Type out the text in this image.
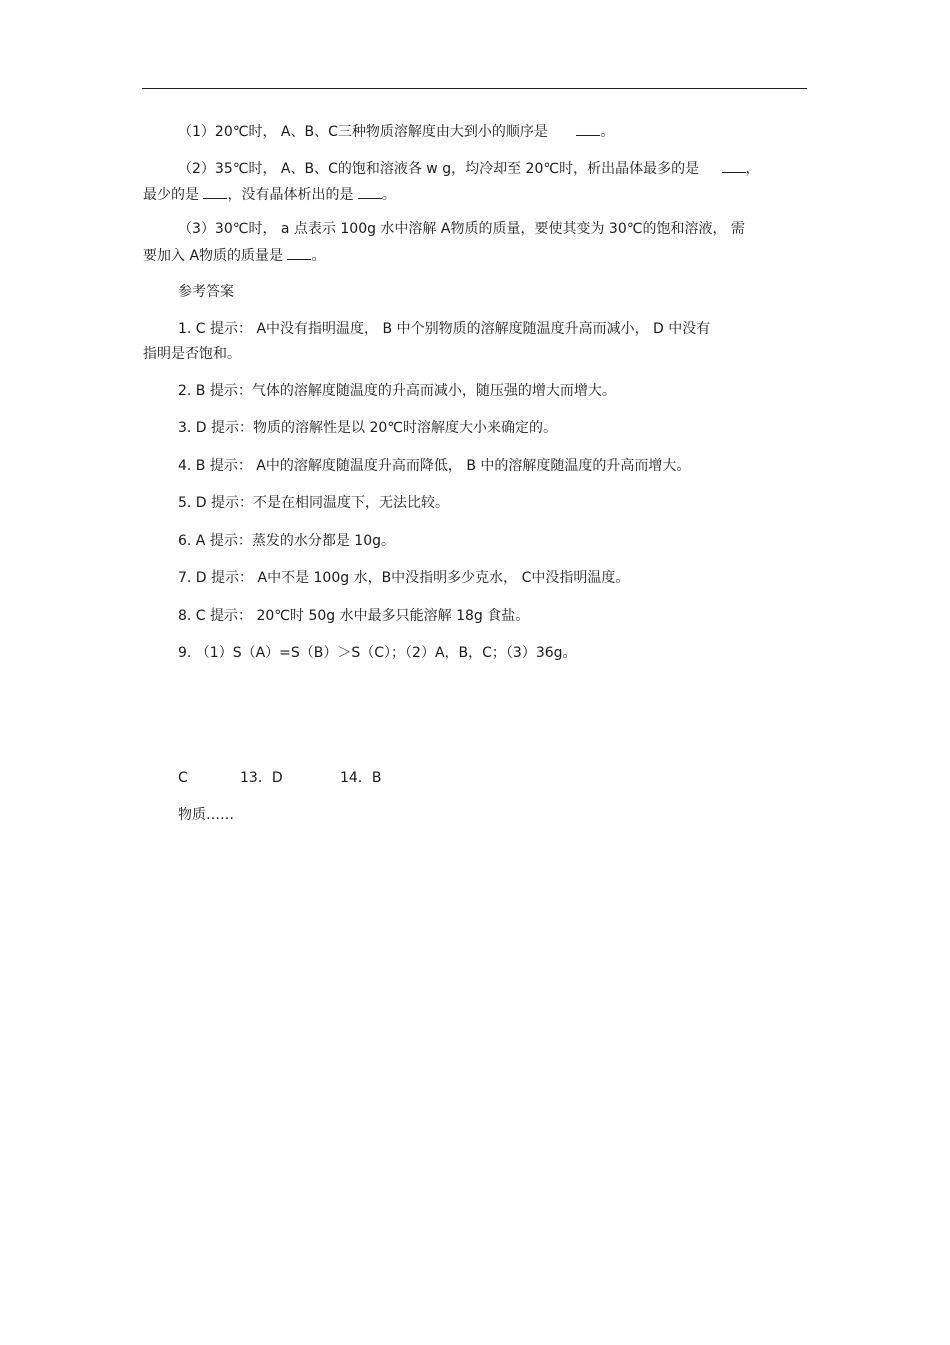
（1）20℃时， A、B、C三种物质溶解度由大到小的顺序是	。
（2）35℃时， A、B、C的饱和溶液各 w g，均冷却至 20℃时，析出晶体最多的是	，
最少的是 ，没有晶体析出的是 。
（3）30℃时， a 点表示 100g 水中溶解 A物质的质量，要使其变为 30℃的饱和溶液， 需
要加入 A物质的质量是 。
参考答案
1. C 提示： A中没有指明温度， B 中个别物质的溶解度随温度升高而减小， D 中没有
指明是否饱和。
2. B 提示：气体的溶解度随温度的升高而减小，随压强的增大而增大。
3. D 提示：物质的溶解性是以 20℃时溶解度大小来确定的。
4. B 提示： A中的溶解度随温度升高而降低， B 中的溶解度随温度的升高而增大。
5. D 提示：不是在相同温度下，无法比较。
6. A 提示：蒸发的水分都是 10g。
7. D 提示： A中不是 100g 水，B中没指明多少克水， C中没指明温度。
8. C 提示： 20℃时 50g 水中最多只能溶解 18g 食盐。
9. （1）S（A）=S（B）＞S（C）；（2）A，B，C；（3）36g。
C	13．D	14．B
物质……
